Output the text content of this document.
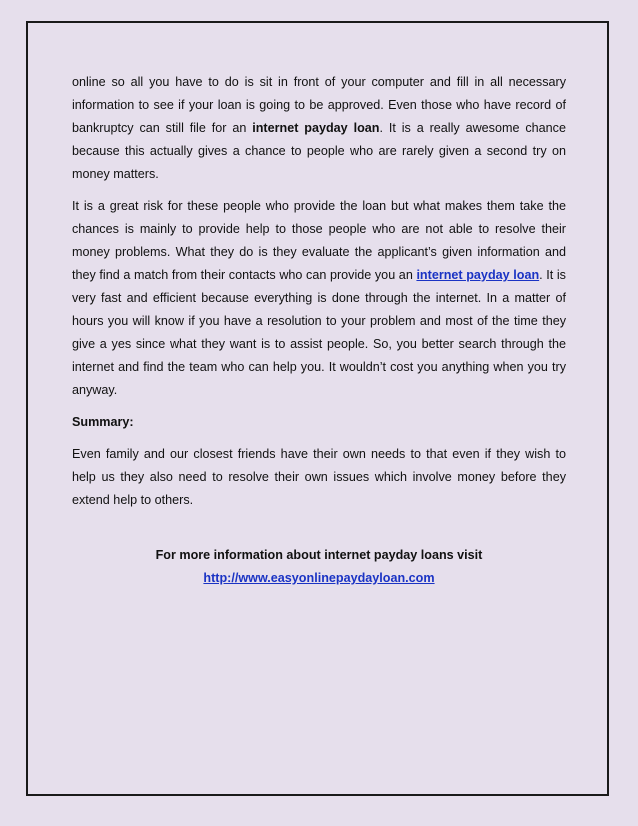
online so all you have to do is sit in front of your computer and fill in all necessary information to see if your loan is going to be approved. Even those who have record of bankruptcy can still file for an internet payday loan. It is a really awesome chance because this actually gives a chance to people who are rarely given a second try on money matters.

It is a great risk for these people who provide the loan but what makes them take the chances is mainly to provide help to those people who are not able to resolve their money problems. What they do is they evaluate the applicant’s given information and they find a match from their contacts who can provide you an internet payday loan. It is very fast and efficient because everything is done through the internet. In a matter of hours you will know if you have a resolution to your problem and most of the time they give a yes since what they want is to assist people. So, you better search through the internet and find the team who can help you. It wouldn’t cost you anything when you try anyway.

Summary:

Even family and our closest friends have their own needs to that even if they wish to help us they also need to resolve their own issues which involve money before they extend help to others.

For more information about internet payday loans visit
http://www.easyonlinepaydayloan.com
